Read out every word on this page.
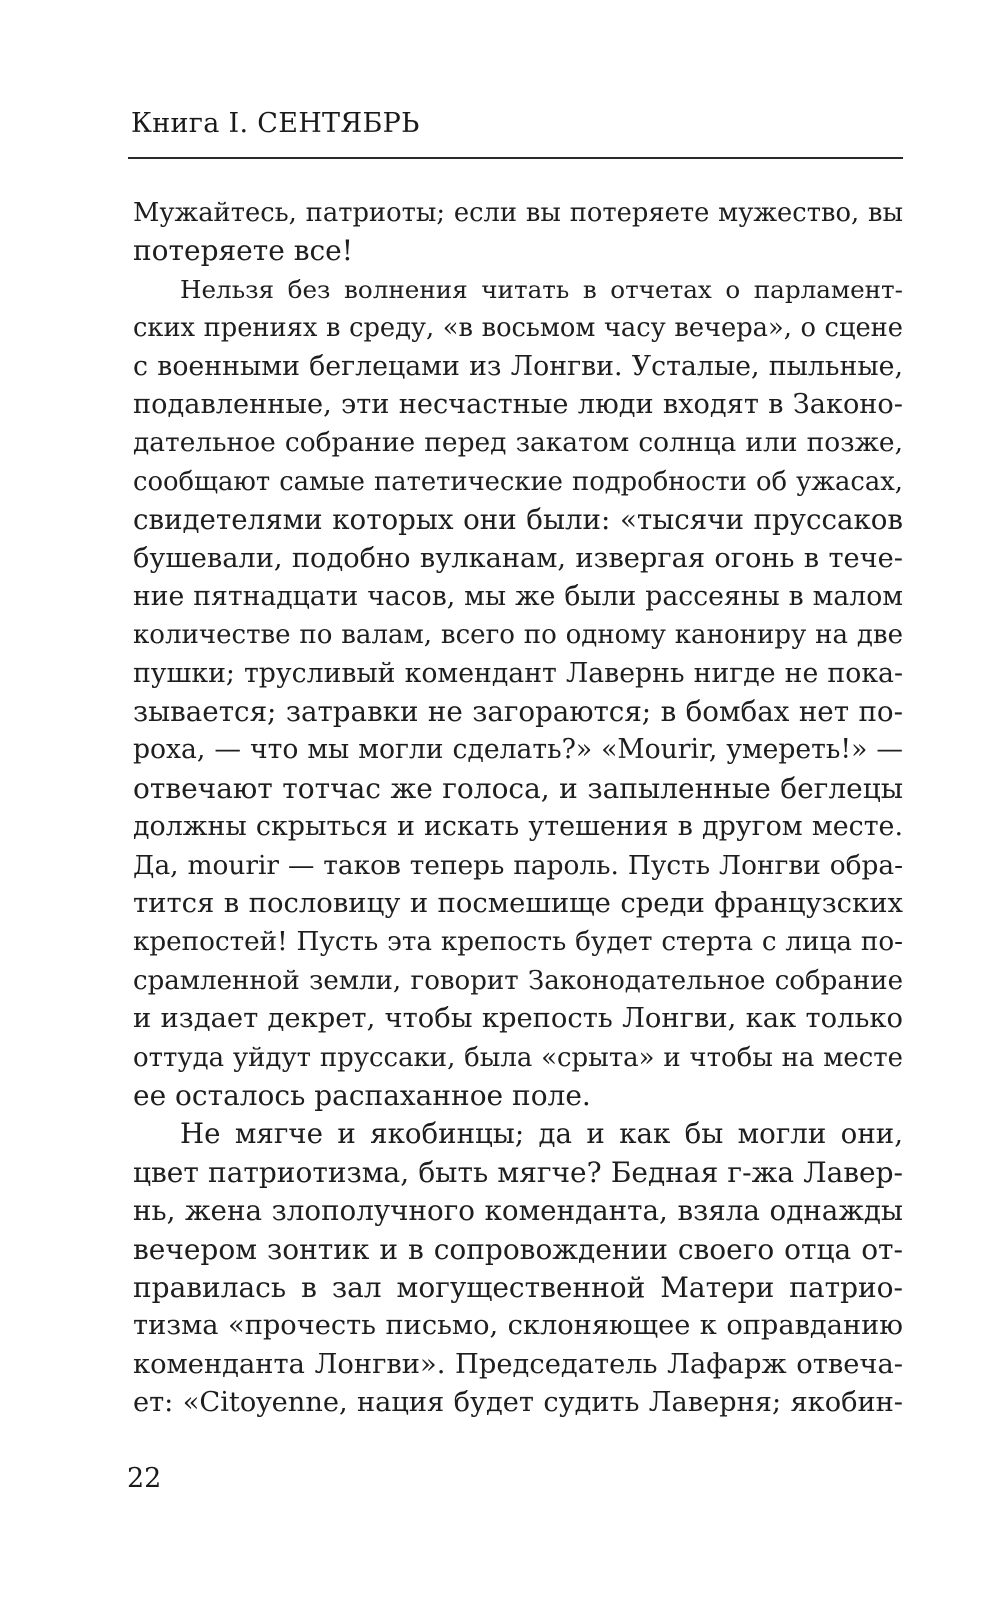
Книга I. СЕНТЯБРЬ
Мужайтесь, патриоты; если вы потеряете мужество, вы
потеряете все!
Нельзя без волнения читать в отчетах о парламент-
ских прениях в среду, «в восьмом часу вечера», о сцене
с военными беглецами из Лонгви. Усталые, пыльные,
подавленные, эти несчастные люди входят в Законо-
дательное собрание перед закатом солнца или позже,
сообщают самые патетические подробности об ужасах,
свидетелями которых они были: «тысячи пруссаков
бушевали, подобно вулканам, извергая огонь в тече-
ние пятнадцати часов, мы же были рассеяны в малом
количестве по валам, всего по одному канониру на две
пушки; трусливый комендант Лавернь нигде не пока-
зывается; затравки не загораются; в бомбах нет по-
роха, — что мы могли сделать?» «Mourir, умереть!» —
отвечают тотчас же голоса, и запыленные беглецы
должны скрыться и искать утешения в другом месте.
Да, mourir — таков теперь пароль. Пусть Лонгви обра-
тится в пословицу и посмешище среди французских
крепостей! Пусть эта крепость будет стерта с лица по-
срамленной земли, говорит Законодательное собрание
и издает декрет, чтобы крепость Лонгви, как только
оттуда уйдут пруссаки, была «срыта» и чтобы на месте
ее осталось распаханное поле.
Не мягче и якобинцы; да и как бы могли они,
цвет патриотизма, быть мягче? Бедная г-жа Лавер-
нь, жена злополучного коменданта, взяла однажды
вечером зонтик и в сопровождении своего отца от-
правилась в зал могущественной Матери патрио-
тизма «прочесть письмо, склоняющее к оправданию
коменданта Лонгви». Председатель Лафарж отвеча-
ет: «Citoyenne, нация будет судить Лаверня; якобин-
22
